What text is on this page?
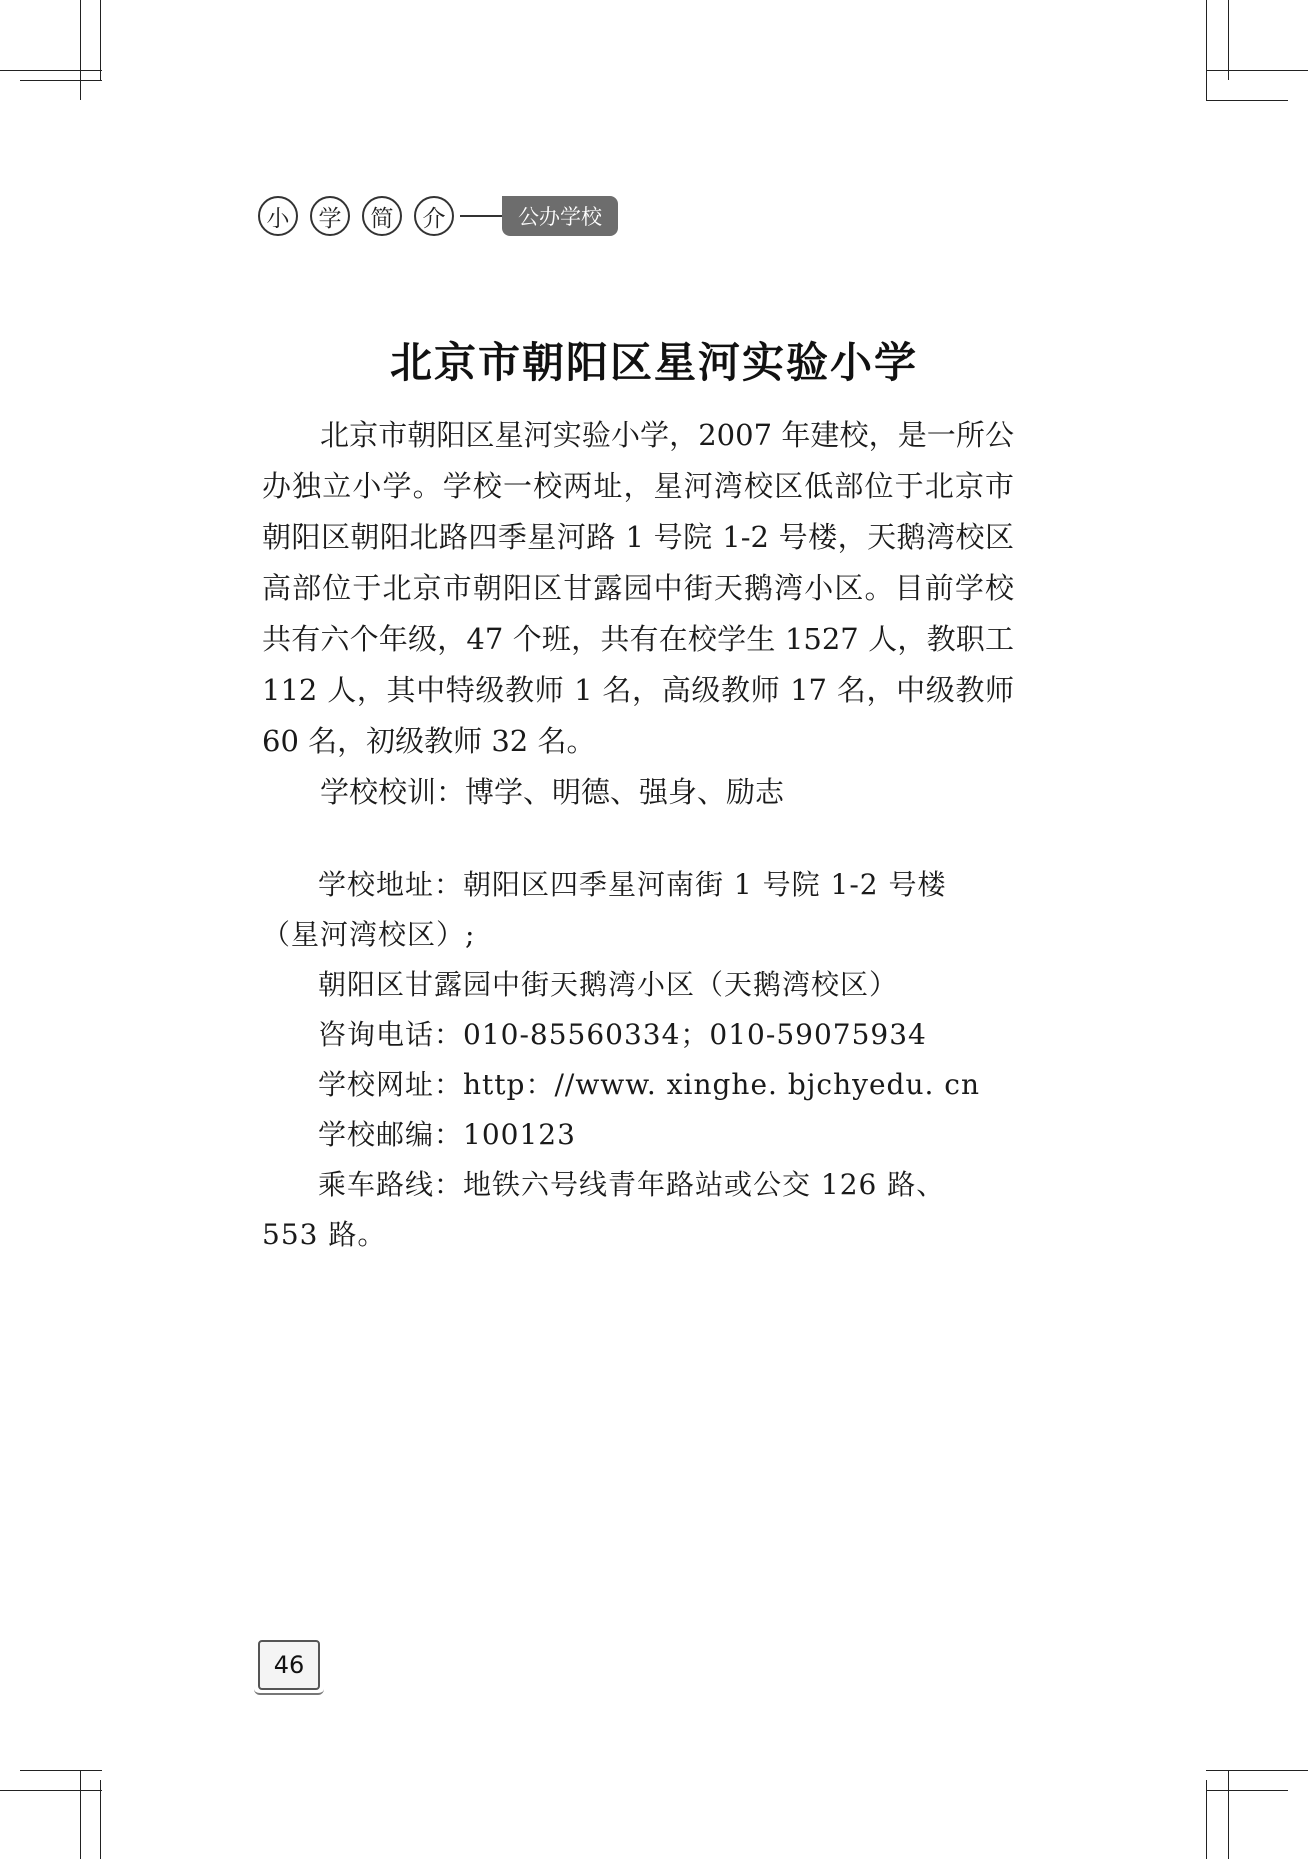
小	学	简	介	公办学校
北京市朝阳区星河实验小学

北京市朝阳区星河实验小学，2007 年建校，是一所公办独立小学。学校一校两址，星河湾校区低部位于北京市朝阳区朝阳北路四季星河路 1 号院 1-2 号楼，天鹅湾校区高部位于北京市朝阳区甘露园中街天鹅湾小区。目前学校共有六个年级，47 个班，共有在校学生 1527 人，教职工 112 人，其中特级教师 1 名，高级教师 17 名，中级教师 60 名，初级教师 32 名。

学校校训：博学、明德、强身、励志

学校地址：朝阳区四季星河南街 1 号院 1-2 号楼

（星河湾校区）;

朝阳区甘露园中街天鹅湾小区（天鹅湾校区）

咨询电话：010-85560334；010-59075934

学校网址：http：//www. xinghe. bjchyedu. cn

学校邮编：100123

乘车路线：地铁六号线青年路站或公交 126 路、

553 路。

46
